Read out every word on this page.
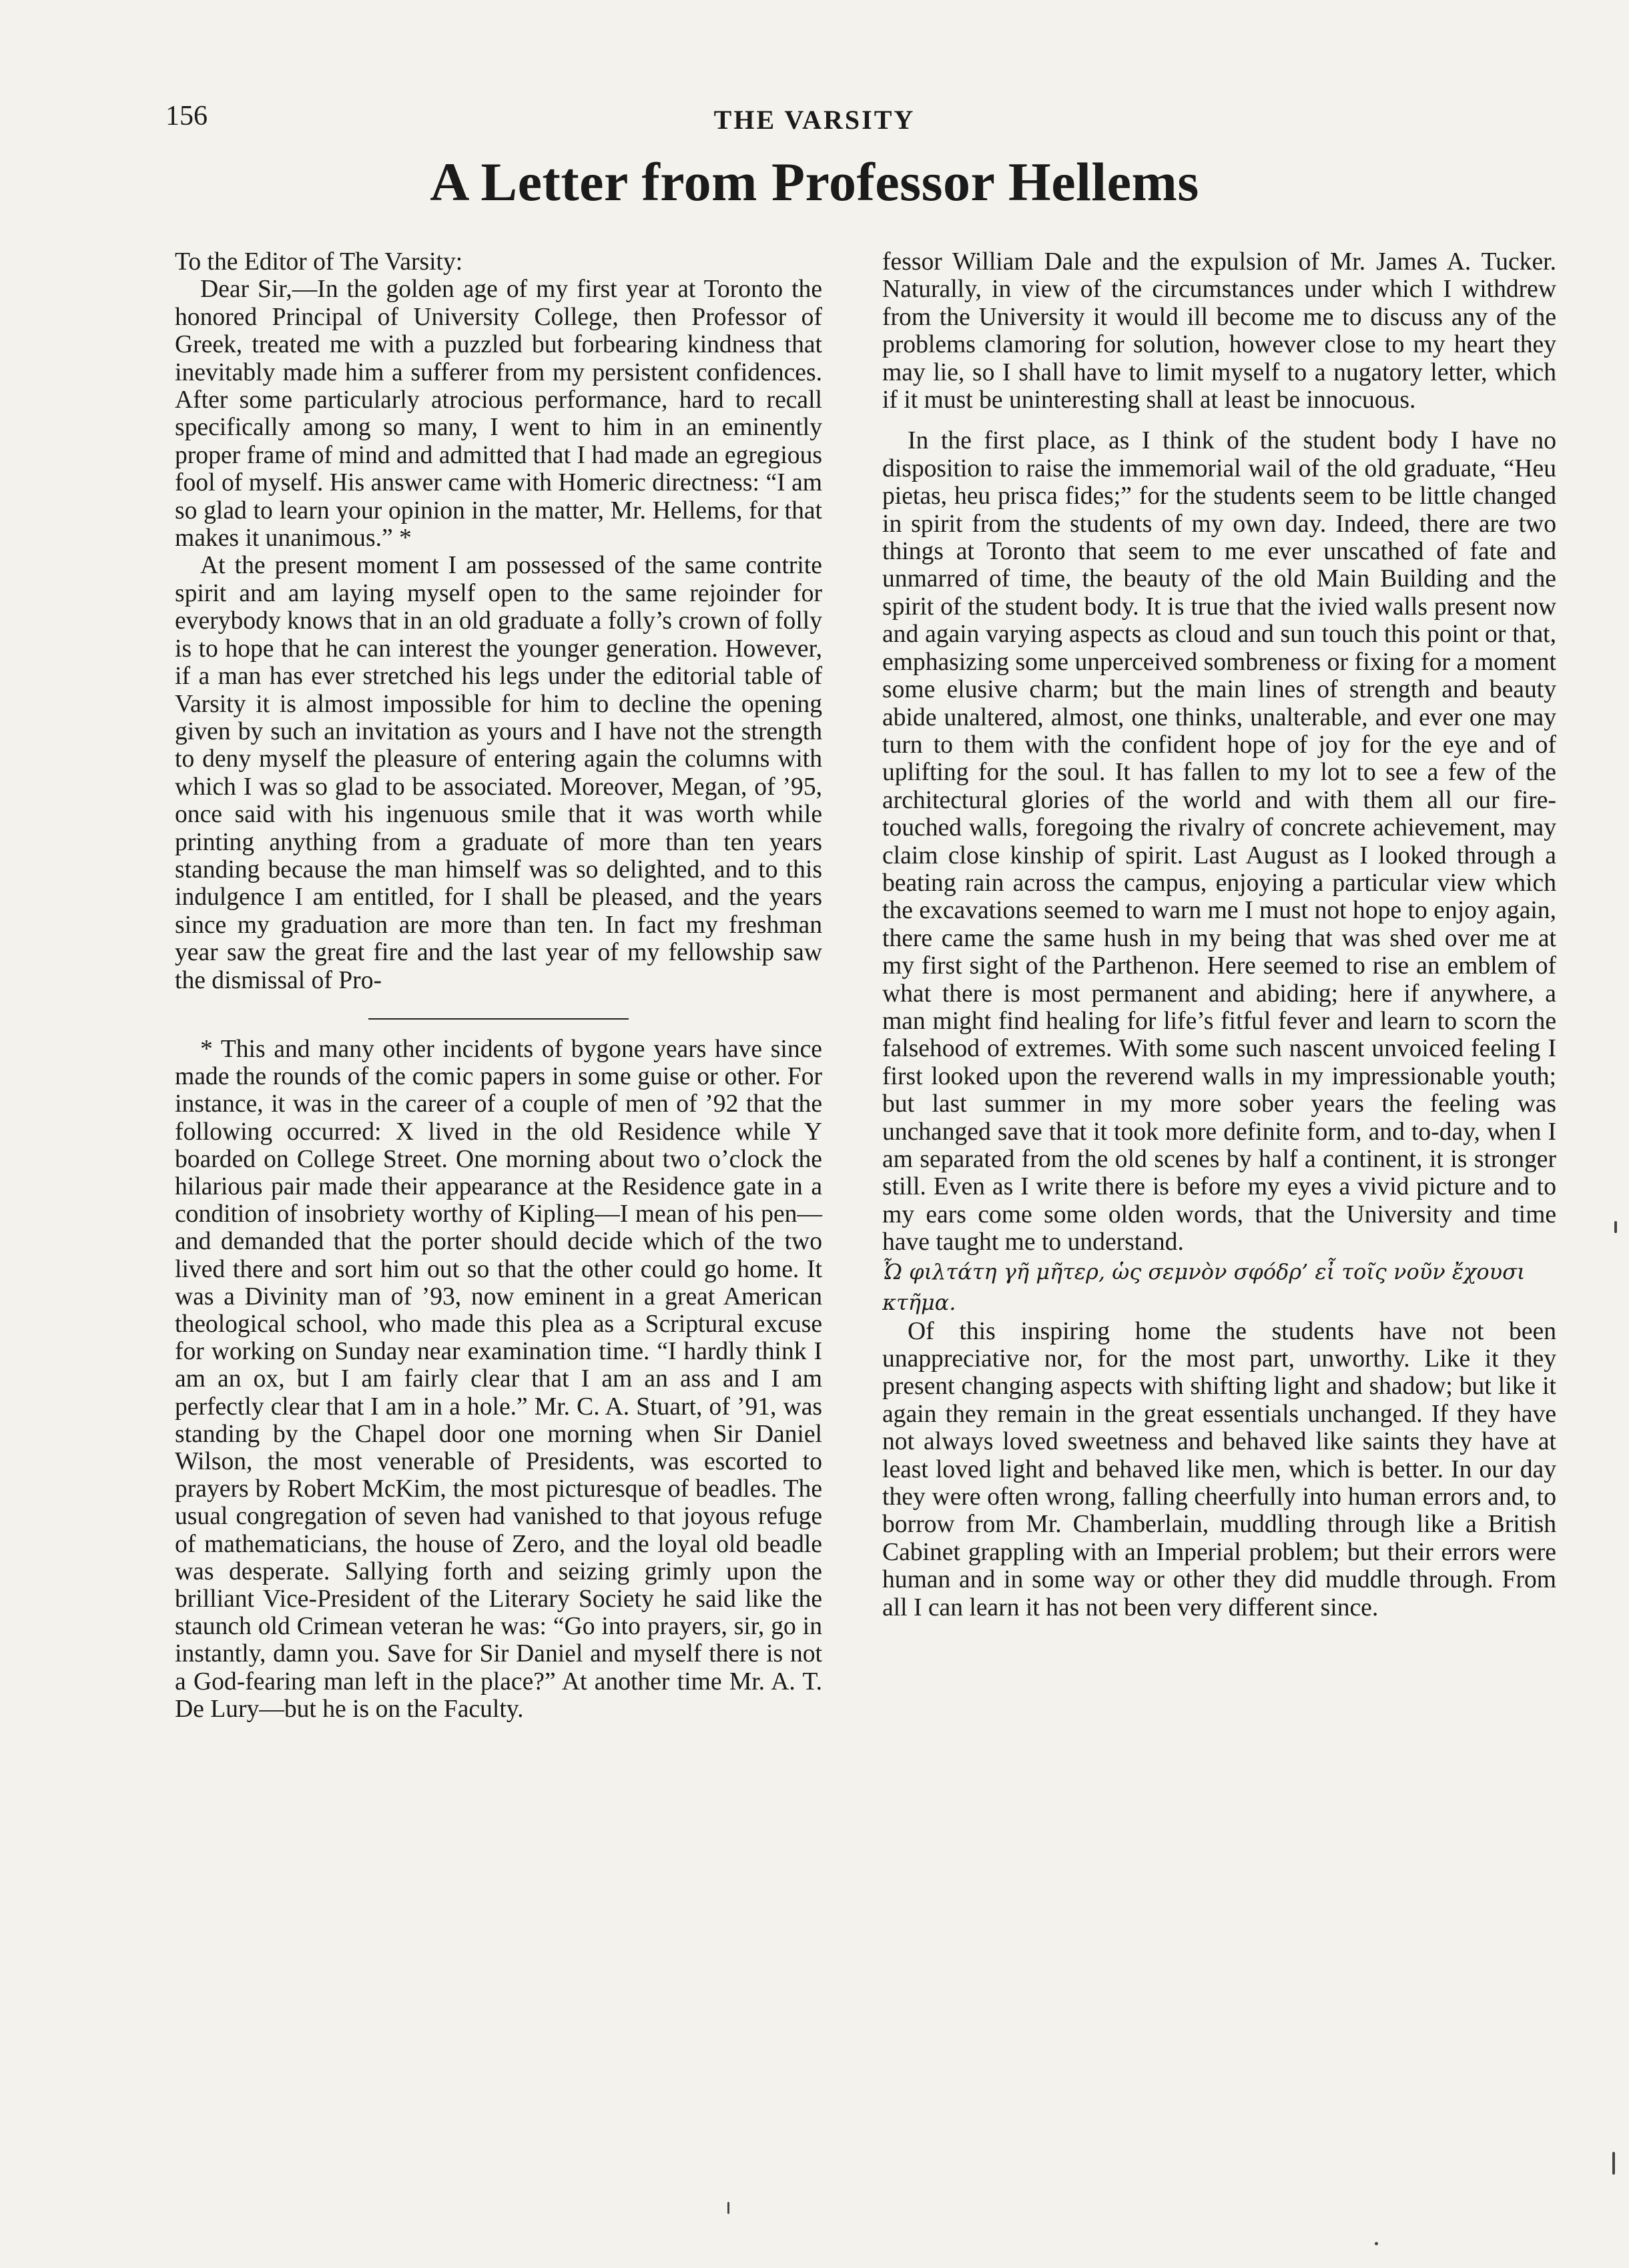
156	THE VARSITY
A Letter from Professor Hellems

To the Editor of The Varsity:

Dear Sir,—In the golden age of my first year at Toronto the honored Principal of University College, then Professor of Greek, treated me with a puzzled but forbearing kindness that inevitably made him a sufferer from my persistent confidences. After some particularly atrocious performance, hard to recall specifically among so many, I went to him in an eminently proper frame of mind and admitted that I had made an egregious fool of myself. His answer came with Homeric directness: “I am so glad to learn your opinion in the matter, Mr. Hellems, for that makes it unanimous.” *

At the present moment I am possessed of the same contrite spirit and am laying myself open to the same rejoinder for everybody knows that in an old graduate a folly’s crown of folly is to hope that he can interest the younger generation. However, if a man has ever stretched his legs under the editorial table of Varsity it is almost impossible for him to decline the opening given by such an invitation as yours and I have not the strength to deny myself the pleasure of entering again the columns with which I was so glad to be associated. Moreover, Megan, of ’95, once said with his ingenuous smile that it was worth while printing anything from a graduate of more than ten years standing because the man himself was so delighted, and to this indulgence I am entitled, for I shall be pleased, and the years since my graduation are more than ten. In fact my freshman year saw the great fire and the last year of my fellowship saw the dismissal of Pro-

* This and many other incidents of bygone years have since made the rounds of the comic papers in some guise or other. For instance, it was in the career of a couple of men of ’92 that the following occurred: X lived in the old Residence while Y boarded on College Street. One morning about two o’clock the hilarious pair made their appearance at the Residence gate in a condition of insobriety worthy of Kipling—I mean of his pen—and demanded that the porter should decide which of the two lived there and sort him out so that the other could go home. It was a Divinity man of ’93, now eminent in a great American theological school, who made this plea as a Scriptural excuse for working on Sunday near examination time. “I hardly think I am an ox, but I am fairly clear that I am an ass and I am perfectly clear that I am in a hole.” Mr. C. A. Stuart, of ’91, was standing by the Chapel door one morning when Sir Daniel Wilson, the most venerable of Presidents, was escorted to prayers by Robert McKim, the most picturesque of beadles. The usual congregation of seven had vanished to that joyous refuge of mathematicians, the house of Zero, and the loyal old beadle was desperate. Sallying forth and seizing grimly upon the brilliant Vice-President of the Literary Society he said like the staunch old Crimean veteran he was: “Go into prayers, sir, go in instantly, damn you. Save for Sir Daniel and myself there is not a God-fearing man left in the place?” At another time Mr. A. T. De Lury—but he is on the Faculty.

fessor William Dale and the expulsion of Mr. James A. Tucker. Naturally, in view of the circumstances under which I withdrew from the University it would ill become me to discuss any of the problems clamoring for solution, however close to my heart they may lie, so I shall have to limit myself to a nugatory letter, which if it must be uninteresting shall at least be innocuous.

In the first place, as I think of the student body I have no disposition to raise the immemorial wail of the old graduate, “Heu pietas, heu prisca fides;” for the students seem to be little changed in spirit from the students of my own day. Indeed, there are two things at Toronto that seem to me ever unscathed of fate and unmarred of time, the beauty of the old Main Building and the spirit of the student body. It is true that the ivied walls present now and again varying aspects as cloud and sun touch this point or that, emphasizing some unperceived sombreness or fixing for a moment some elusive charm; but the main lines of strength and beauty abide unaltered, almost, one thinks, unalterable, and ever one may turn to them with the confident hope of joy for the eye and of uplifting for the soul. It has fallen to my lot to see a few of the architectural glories of the world and with them all our fire-touched walls, foregoing the rivalry of concrete achievement, may claim close kinship of spirit. Last August as I looked through a beating rain across the campus, enjoying a particular view which the excavations seemed to warn me I must not hope to enjoy again, there came the same hush in my being that was shed over me at my first sight of the Parthenon. Here seemed to rise an emblem of what there is most permanent and abiding; here if anywhere, a man might find healing for life’s fitful fever and learn to scorn the falsehood of extremes. With some such nascent unvoiced feeling I first looked upon the reverend walls in my impressionable youth; but last summer in my more sober years the feeling was unchanged save that it took more definite form, and to-day, when I am separated from the old scenes by half a continent, it is stronger still. Even as I write there is before my eyes a vivid picture and to my ears come some olden words, that the University and time have taught me to understand.

Ὦ φιλτάτη γῆ μῆτερ, ὡς σεμνὸν σφόδρ’ εἶ τοῖς νοῦν ἔχουσι κτῆμα.

Of this inspiring home the students have not been unappreciative nor, for the most part, unworthy. Like it they present changing aspects with shifting light and shadow; but like it again they remain in the great essentials unchanged. If they have not always loved sweetness and behaved like saints they have at least loved light and behaved like men, which is better. In our day they were often wrong, falling cheerfully into human errors and, to borrow from Mr. Chamberlain, muddling through like a British Cabinet grappling with an Imperial problem; but their errors were human and in some way or other they did muddle through. From all I can learn it has not been very different since.
